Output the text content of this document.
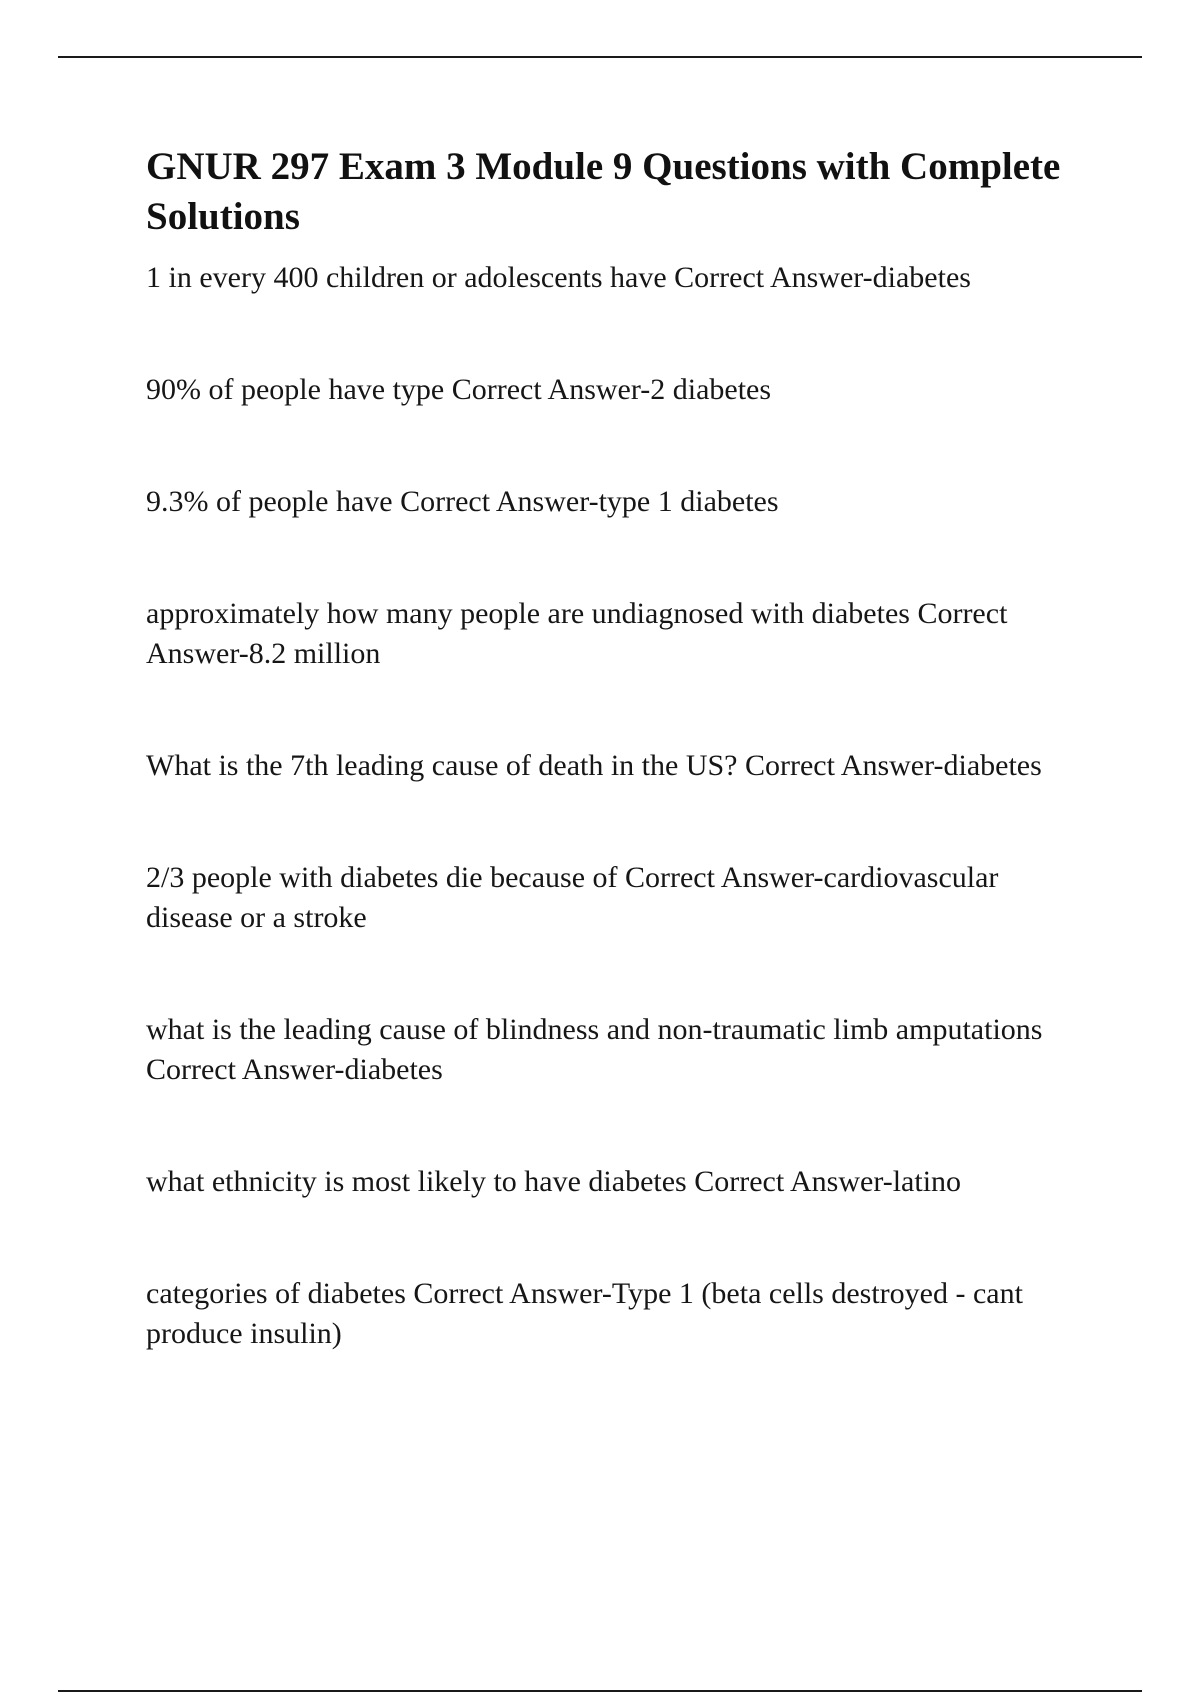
GNUR 297 Exam 3 Module 9 Questions with Complete Solutions

1 in every 400 children or adolescents have Correct Answer-diabetes

90% of people have type Correct Answer-2 diabetes

9.3% of people have Correct Answer-type 1 diabetes

approximately how many people are undiagnosed with diabetes Correct Answer-8.2 million

What is the 7th leading cause of death in the US? Correct Answer-diabetes

2/3 people with diabetes die because of Correct Answer-cardiovascular disease or a stroke

what is the leading cause of blindness and non-traumatic limb amputations Correct Answer-diabetes

what ethnicity is most likely to have diabetes Correct Answer-latino

categories of diabetes Correct Answer-Type 1 (beta cells destroyed - cant produce insulin)
